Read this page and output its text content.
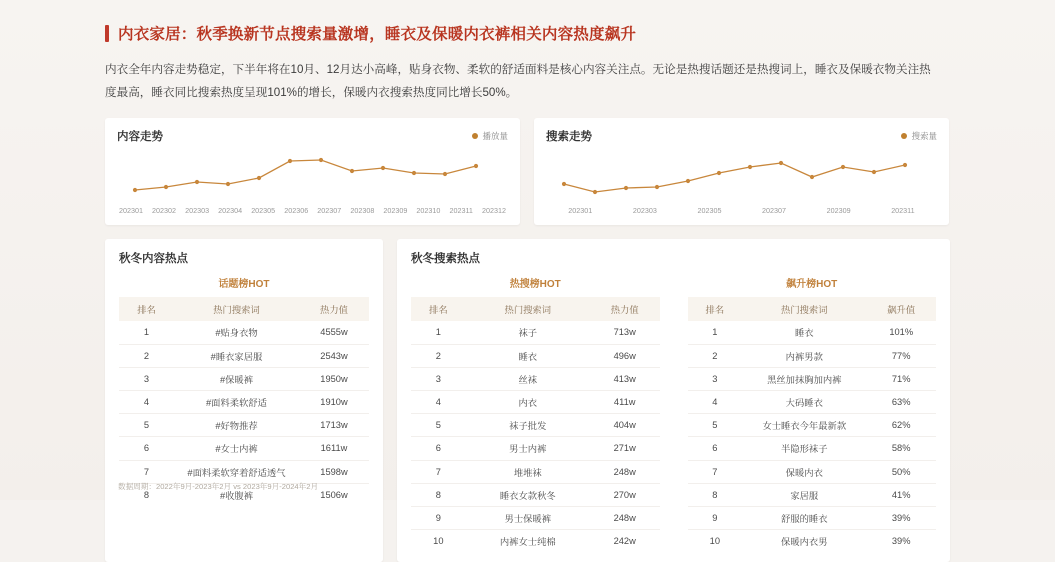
内衣家居：秋季换新节点搜索量激增，睡衣及保暖内衣裤相关内容热度飙升
内衣全年内容走势稳定，下半年将在10月、12月达小高峰，贴身衣物、柔软的舒适面料是核心内容关注点。无论是热搜话题还是热搜词上，睡衣及保暖衣物关注热度最高，睡衣同比搜索热度呈现101%的增长，保暖内衣搜索热度同比增长50%。
内容走势	播放量
202301 202302 202303 202304 202305 202306 202307 202308 202309 202310 202311 202312
搜索走势	搜索量
202301	202303	202305	202307	202309	202311
秋冬内容热点
话题榜HOT
排名	热门搜索词	热力值
1	#贴身衣物	4555w
2	#睡衣家居服	2543w
3	#保暖裤	1950w
4	#面料柔软舒适	1910w
5	#好物推荐	1713w
6	#女士内裤	1611w
7	#面料柔软穿着舒适透气	1598w
8	#收腹裤	1506w
秋冬搜索热点
热搜榜HOT
排名	热门搜索词	热力值
1	袜子	713w
2	睡衣	496w
3	丝袜	413w
4	内衣	411w
5	袜子批发	404w
6	男士内裤	271w
7	堆堆袜	248w
8	睡衣女款秋冬	270w
9	男士保暖裤	248w
10	内裤女士纯棉	242w
飙升榜HOT
排名	热门搜索词	飙升值
1	睡衣	101%
2	内裤男款	77%
3	黑丝加抹胸加内裤	71%
4	大码睡衣	63%
5	女士睡衣今年最新款	62%
6	半隐形袜子	58%
7	保暖内衣	50%
8	家居服	41%
9	舒服的睡衣	39%
10	保暖内衣男	39%
数据周期：2022年9月-2023年2月 vs 2023年9月-2024年2月
